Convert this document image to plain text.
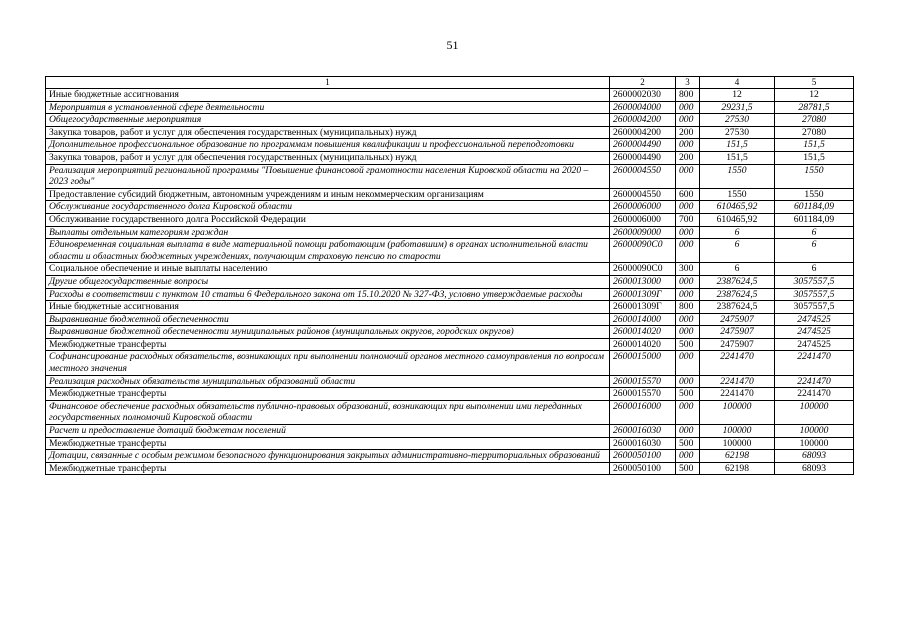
51
1	2	3	4	5
Иные бюджетные ассигнования	2600002030	800	12	12
Мероприятия в установленной сфере деятельности	2600004000	000	29231,5	28781,5
Общегосударственные мероприятия	2600004200	000	27530	27080
Закупка товаров, работ и услуг для обеспечения государственных (муниципальных) нужд	2600004200	200	27530	27080
Дополнительное профессиональное образование по программам повышения квалификации и профессиональной переподготовки	2600004490	000	151,5	151,5
Закупка товаров, работ и услуг для обеспечения государственных (муниципальных) нужд	2600004490	200	151,5	151,5
Реализация мероприятий региональной программы "Повышение финансовой грамотности населения Кировской области на 2020 – 2023 годы"	2600004550	000	1550	1550
Предоставление субсидий бюджетным, автономным учреждениям и иным некоммерческим организациям	2600004550	600	1550	1550
Обслуживание государственного долга Кировской области	2600006000	000	610465,92	601184,09
Обслуживание государственного долга Российской Федерации	2600006000	700	610465,92	601184,09
Выплаты отдельным категориям граждан	2600009000	000	6	6
Единовременная социальная выплата в виде материальной помощи работающим (работавшим) в органах исполнительной власти области и областных бюджетных учреждениях, получающим страховую пенсию по старости	26000090С0	000	6	6
Социальное обеспечение и иные выплаты населению	26000090С0	300	6	6
Другие общегосударственные вопросы	2600013000	000	2387624,5	3057557,5
Расходы в соответствии с пунктом 10 статьи 6 Федерального закона от 15.10.2020 № 327-ФЗ, условно утверждаемые расходы	260001309Г	000	2387624,5	3057557,5
Иные бюджетные ассигнования	260001309Г	800	2387624,5	3057557,5
Выравнивание бюджетной обеспеченности	2600014000	000	2475907	2474525
Выравнивание бюджетной обеспеченности муниципальных районов (муниципальных округов, городских округов)	2600014020	000	2475907	2474525
Межбюджетные трансферты	2600014020	500	2475907	2474525
Софинансирование расходных обязательств, возникающих при выполнении полномочий органов местного самоуправления по вопросам местного значения	2600015000	000	2241470	2241470
Реализация расходных обязательств муниципальных образований области	2600015570	000	2241470	2241470
Межбюджетные трансферты	2600015570	500	2241470	2241470
Финансовое обеспечение расходных обязательств публично-правовых образований, возникающих при выполнении ими переданных государственных полномочий Кировской области	2600016000	000	100000	100000
Расчет и предоставление дотаций бюджетам поселений	2600016030	000	100000	100000
Межбюджетные трансферты	2600016030	500	100000	100000
Дотации, связанные с особым режимом безопасного функционирования закрытых административно-территориальных образований	2600050100	000	62198	68093
Межбюджетные трансферты	2600050100	500	62198	68093
